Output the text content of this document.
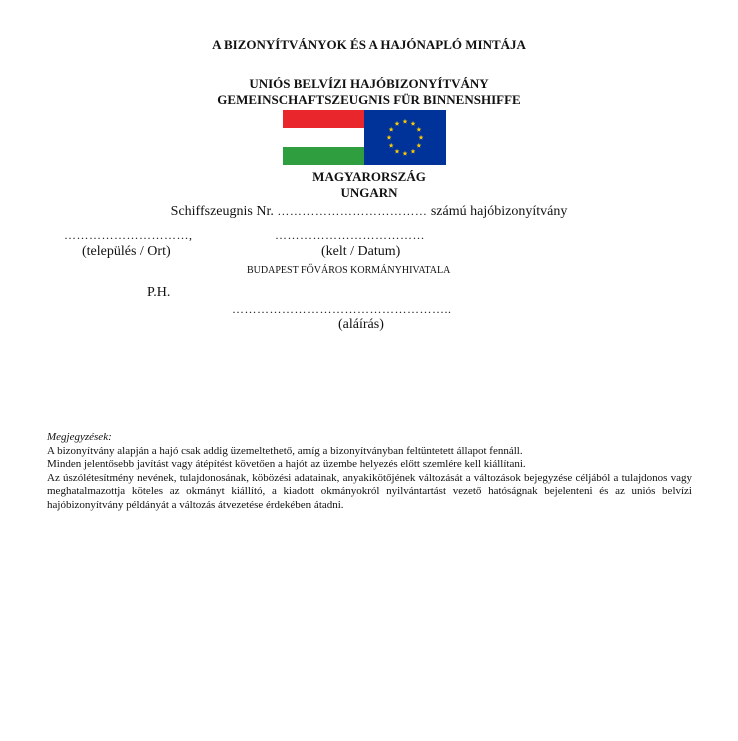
A BIZONYÍTVÁNYOK ÉS A HAJÓNAPLÓ MINTÁJA
UNIÓS BELVÍZI HAJÓBIZONYÍTVÁNY
GEMEINSCHAFTSZEUGNIS FÜR BINNENSHIFFE
MAGYARORSZÁG
UNGARN
Schiffszeugnis Nr. ……………………………… számú hajóbizonyítvány
…………………………,	………………………………
(település / Ort)	(kelt / Datum)
BUDAPEST FŐVÁROS KORMÁNYHIVATALA
P.H.
……………………………………………..
(aláírás)

Megjegyzések:

A bizonyítvány alapján a hajó csak addig üzemeltethető, amíg a bizonyítványban feltüntetett állapot fennáll.

Minden jelentősebb javítást vagy átépítést követően a hajót az üzembe helyezés előtt szemlére kell kiállítani.

Az úszólétesítmény nevének, tulajdonosának, köbözési adatainak, anyakikötőjének változását a változások bejegyzése céljából a tulajdonos vagy meghatalmazottja köteles az okmányt kiállító, a kiadott okmányokról nyilvántartást vezető hatóságnak bejelenteni és az uniós belvízi hajóbizonyítvány példányát a változás átvezetése érdekében átadni.
